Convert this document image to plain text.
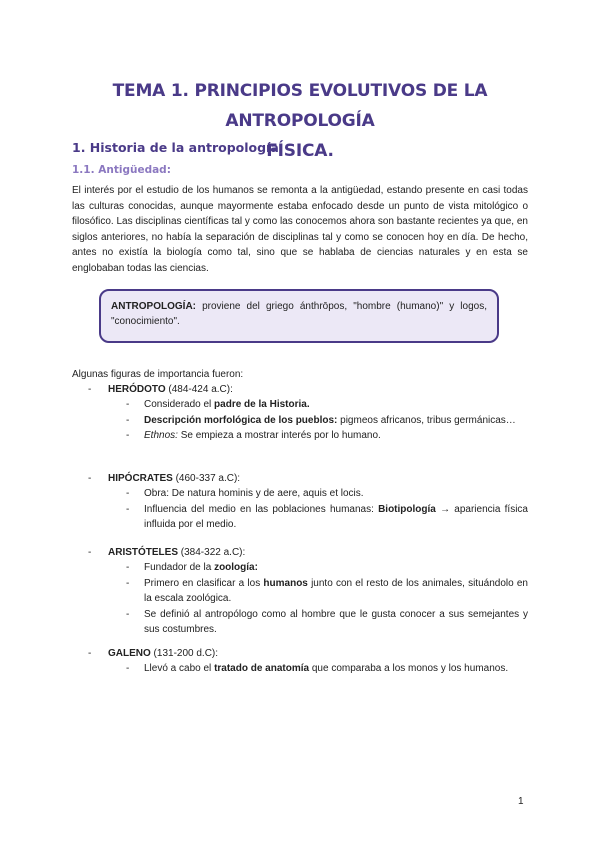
TEMA 1. PRINCIPIOS EVOLUTIVOS DE LA ANTROPOLOGÍA
FÍSICA.
1. Historia de la antropología
1.1. Antigüedad:

El interés por el estudio de los humanos se remonta a la antigüedad, estando presente en casi todas las culturas conocidas, aunque mayormente estaba enfocado desde un punto de vista mitológico o filosófico. Las disciplinas científicas tal y como las conocemos ahora son bastante recientes ya que, en siglos anteriores, no había la separación de disciplinas tal y como se conocen hoy en día. De hecho, antes no existía la biología como tal, sino que se hablaba de ciencias naturales y en esta se englobaban todas las ciencias.

ANTROPOLOGÍA: proviene del griego ánthrōpos, "hombre (humano)" y logos, "conocimiento".
Algunas figuras de importancia fueron:
- HERÓDOTO (484-424 a.C):
- Considerado el padre de la Historia.
- Descripción morfológica de los pueblos: pigmeos africanos, tribus germánicas…
- Ethnos: Se empieza a mostrar interés por lo humano.
- HIPÓCRATES (460-337 a.C):
- Obra: De natura hominis y de aere, aquis et locis.
- Influencia del medio en las poblaciones humanas: Biotipología → apariencia física influida por el medio.
- ARISTÓTELES (384-322 a.C):
- Fundador de la zoología:
- Primero en clasificar a los humanos junto con el resto de los animales, situándolo en la escala zoológica.
- Se definió al antropólogo como al hombre que le gusta conocer a sus semejantes y sus costumbres.
- GALENO (131-200 d.C):
- Llevó a cabo el tratado de anatomía que comparaba a los monos y los humanos.
1
